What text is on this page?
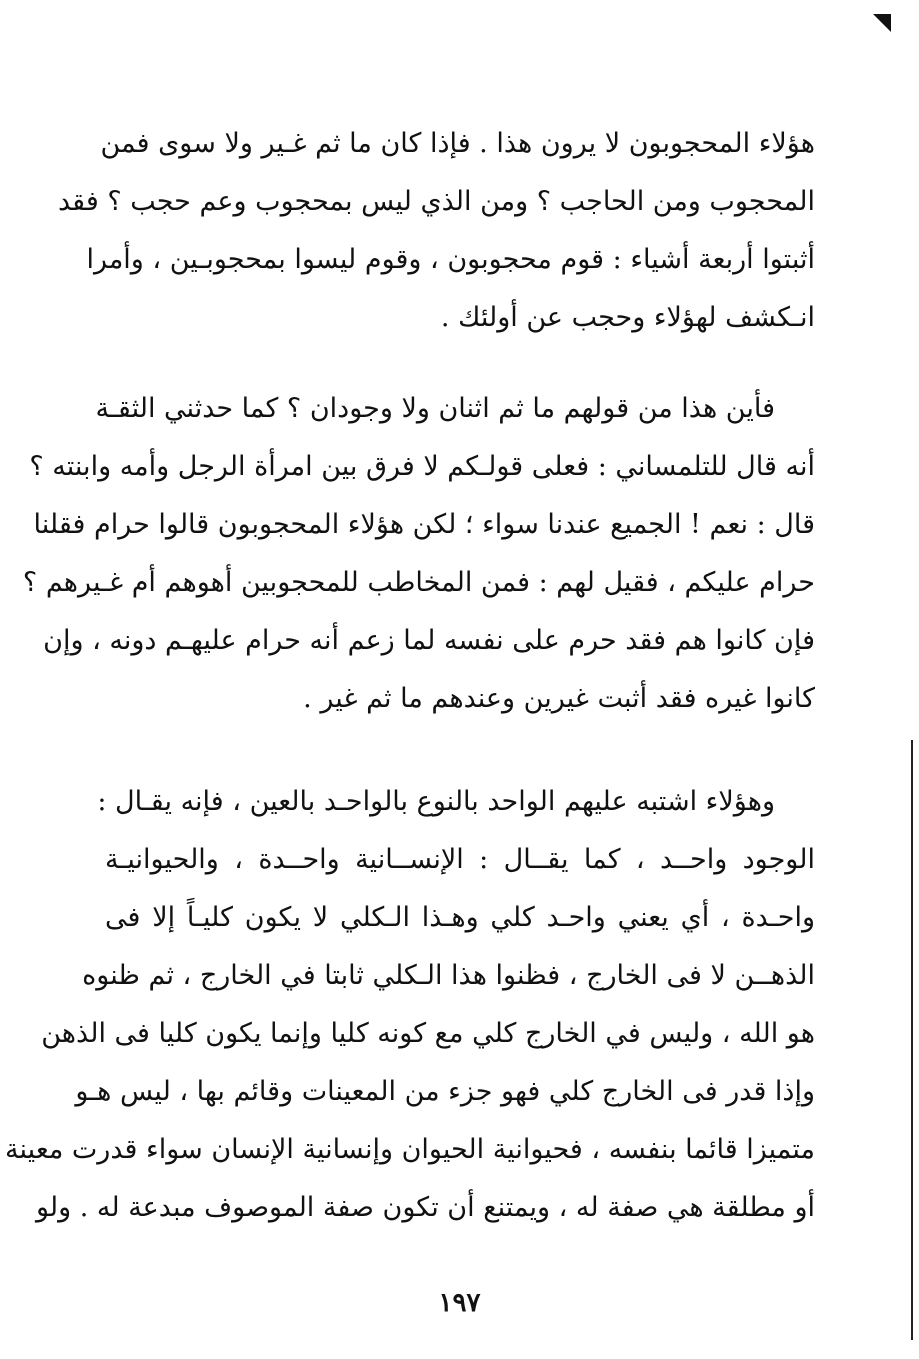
هؤلاء المحجوبون لا يرون هذا . فإذا كان ما ثم غـير ولا سوى فمن
المحجوب ومن الحاجب ؟ ومن الذي ليس بمحجوب وعم حجب ؟ فقد
أثبتوا أربعة أشياء : قوم محجوبون ، وقوم ليسوا بمحجوبـين ، وأمرا
انـكشف لهؤلاء وحجب عن أولئك .
فأين هذا من قولهم ما ثم اثنان ولا وجودان ؟ كما حدثني الثقـة
أنه قال للتلمساني : فعلى قولـكم لا فرق بين امرأة الرجل وأمه وابنته ؟
قال : نعم ! الجميع عندنا سواء ؛ لكن هؤلاء المحجوبون قالوا حرام فقلنا
حرام عليكم ، فقيل لهم : فمن المخاطب للمحجوبين أهوهم أم غـيرهم ؟
فإن كانوا هم فقد حرم على نفسه لما زعم أنه حرام عليهـم دونه ، وإن
كانوا غيره فقد أثبت غيرين وعندهم ما ثم غير .
وهؤلاء اشتبه عليهم الواحد بالنوع بالواحـد بالعين ، فإنه يقـال :
الوجود واحــد ، كما يقــال : الإنســانية واحــدة ، والحيوانيـة
واحـدة ، أي يعني واحـد كلي وهـذا الـكلي لا يكون كليـاً إلا فى
الذهــن لا فى الخارج ، فظنوا هذا الـكلي ثابتا في الخارج ، ثم ظنوه
هو الله ، وليس في الخارج كلي مع كونه كليا وإنما يكون كليا فى الذهن
وإذا قدر فى الخارج كلي فهو جزء من المعينات وقائم بها ، ليس هـو
متميزا قائما بنفسه ، فحيوانية الحيوان وإنسانية الإنسان سواء قدرت معينة
أو مطلقة هي صفة له ، ويمتنع أن تكون صفة الموصوف مبدعة له . ولو
١٩٧
